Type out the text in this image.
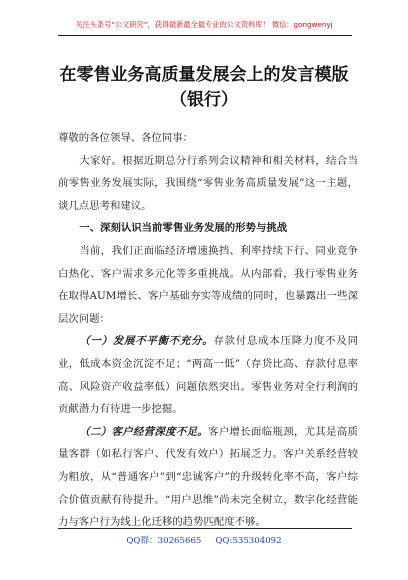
关注头条号“公文研究”，获得最新最全最专业的公文资料库！ 微信：gongwenyj
在零售业务高质量发展会上的发言模版
（银行）

尊敬的各位领导、各位同事：

大家好。根据近期总分行系列会议精神和相关材料，结合当前零售业务发展实际，我围绕“零售业务高质量发展”这一主题，谈几点思考和建议。

一、深刻认识当前零售业务发展的形势与挑战

当前，我们正面临经济增速换挡、利率持续下行、同业竞争白热化、客户需求多元化等多重挑战。从内部看，我行零售业务在取得AUM增长、客户基础夯实等成绩的同时，也暴露出一些深层次问题：

（一）发展不平衡不充分。存款付息成本压降力度不及同业，低成本资金沉淀不足；“两高一低”（存贷比高、存款付息率高、风险资产收益率低）问题依然突出。零售业务对全行利润的贡献潜力有待进一步挖掘。

（二）客户经营深度不足。客户增长面临瓶颈，尤其是高质量客群（如私行客户、代发有效户）拓展乏力。客户关系经营较为粗放，从“普通客户”到“忠诚客户”的升级转化率不高，客户综合价值贡献有待提升。“用户思维”尚未完全树立，数字化经营能力与客户行为线上化迁移的趋势匹配度不够。

QQ群：30265665 QQ:535304092
